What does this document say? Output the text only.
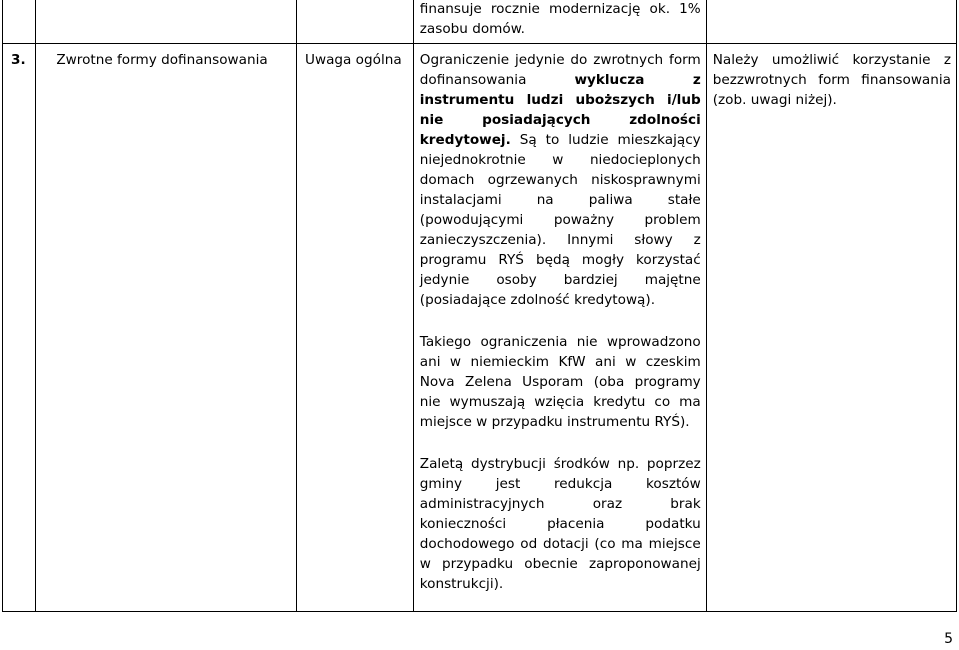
			finansuje rocznie modernizację ok. 1% zasobu domów.	
3.	Zwrotne formy dofinansowania	Uwaga ogólna	Ograniczenie jedynie do zwrotnych form dofinansowania wyklucza z instrumentu ludzi uboższych i/lub nie posiadających zdolności kredytowej. Są to ludzie mieszkający niejednokrotnie w niedocieplonych domach ogrzewanych niskosprawnymi instalacjami na paliwa stałe (powodującymi poważny problem zanieczyszczenia). Innymi słowy z programu RYŚ będą mogły korzystać jedynie osoby bardziej majętne (posiadające zdolność kredytową).
Takiego ograniczenia nie wprowadzono ani w niemieckim KfW ani w czeskim Nova Zelena Usporam (oba programy nie wymuszają wzięcia kredytu co ma miejsce w przypadku instrumentu RYŚ).
Zaletą dystrybucji środków np. poprzez gminy jest redukcja kosztów administracyjnych oraz brak konieczności płacenia podatku dochodowego od dotacji (co ma miejsce w przypadku obecnie zaproponowanej konstrukcji).	Należy umożliwić korzystanie z bezzwrotnych form finansowania (zob. uwagi niżej).
5
